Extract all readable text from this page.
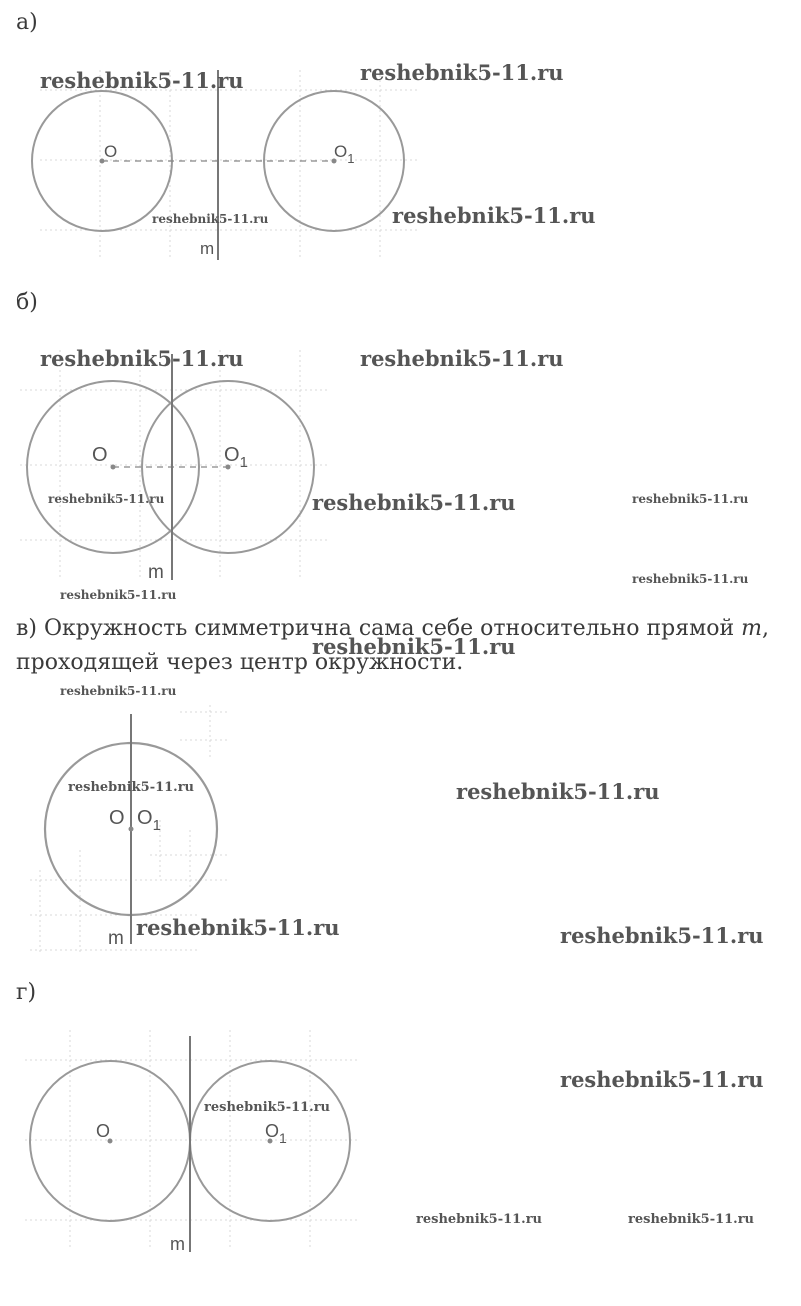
а)
O	$O_1$
m
reshebnik5-11.ru	reshebnik5-11.ru
reshebnik5-11.ru	reshebnik5-11.ru
б)
O	$O_1$
m
reshebnik5-11.ru	reshebnik5-11.ru
reshebnik5-11.ru	reshebnik5-11.ru	reshebnik5-11.ru
reshebnik5-11.ru
reshebnik5-11.ru
в) Окружность симметрична сама себе относительно прямой m,
проходящей через центр окружности.
O $O_1$
m
reshebnik5-11.ru
reshebnik5-11.ru
reshebnik5-11.ru	reshebnik5-11.ru
reshebnik5-11.ru	reshebnik5-11.ru
г)
O	$O_1$
m
reshebnik5-11.ru
reshebnik5-11.ru
reshebnik5-11.ru	reshebnik5-11.ru
